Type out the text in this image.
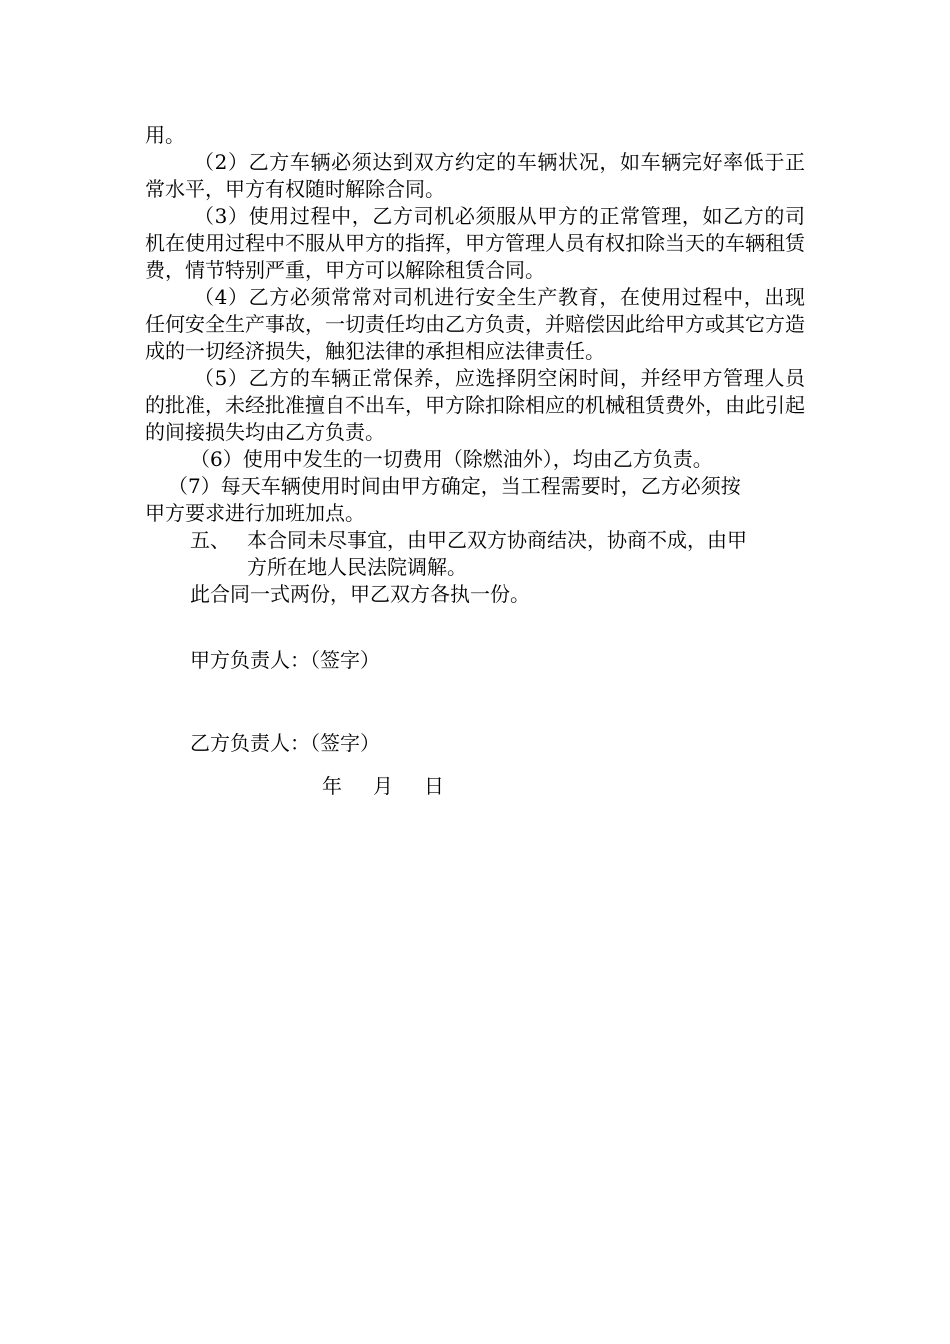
用。
（2）乙方车辆必须达到双方约定的车辆状况，如车辆完好率低于正常水平，甲方有权随时解除合同。
（3）使用过程中，乙方司机必须服从甲方的正常管理，如乙方的司机在使用过程中不服从甲方的指挥，甲方管理人员有权扣除当天的车辆租赁费，情节特别严重，甲方可以解除租赁合同。
（4）乙方必须常常对司机进行安全生产教育，在使用过程中，出现任何安全生产事故，一切责任均由乙方负责，并赔偿因此给甲方或其它方造成的一切经济损失，触犯法律的承担相应法律责任。
（5）乙方的车辆正常保养，应选择阴空闲时间，并经甲方管理人员的批准，未经批准擅自不出车，甲方除扣除相应的机械租赁费外，由此引起的间接损失均由乙方负责。
（6）使用中发生的一切费用（除燃油外），均由乙方负责。
（7）每天车辆使用时间由甲方确定，当工程需要时，乙方必须按
甲方要求进行加班加点。
五、 本合同未尽事宜，由甲乙双方协商结决，协商不成，由甲
方所在地人民法院调解。
此合同一式两份，甲乙双方各执一份。
甲方负责人：（签字）
乙方负责人：（签字）
年 月 日
